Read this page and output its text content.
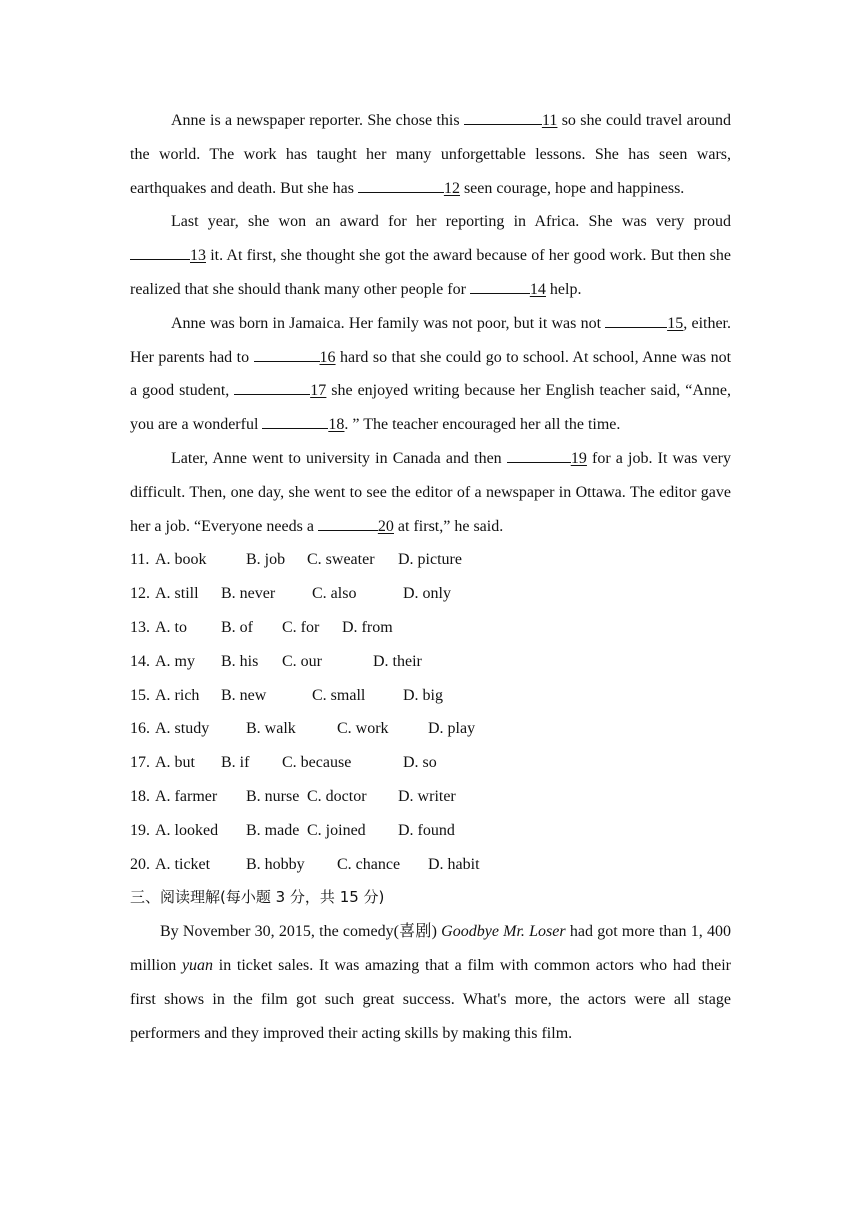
Anne is a newspaper reporter. She chose this	11 so she could travel around the world. The work has taught her many unforgettable lessons. She has seen wars, earthquakes and death. But she has	12 seen courage, hope and happiness.

Last year, she won an award for her reporting in Africa. She was very proud 13 it. At first, she thought she got the award because of her good work. But then she realized that she should thank many other people for	14 help.

Anne was born in Jamaica. Her family was not poor, but it was not	15, either. Her parents had to	16 hard so that she could go to school. At school, Anne was not a good student,	17 she enjoyed writing because her English teacher said, “Anne, you are a wonderful	18. ” The teacher encouraged her all the time.

Later, Anne went to university in Canada and then	19 for a job. It was very difficult. Then, one day, she went to see the editor of a newspaper in Ottawa. The editor gave her a job. “Everyone needs a	20 at first,” he said.

11. A. book	B. job	C. sweater	D. picture
12. A. still	B. never	C. also	D. only
13. A. to	B. of	C. for	D. from
14. A. my	B. his	C. our	D. their
15. A. rich	B. new	C. small	D. big
16. A. study	B. walk	C. work	D. play
17. A. but	B. if	C. because	D. so
18. A. farmer	B. nurse C. doctor	D. writer
19. A. looked	B. made C. joined	D. found
20. A. ticket	B. hobby	C. chance	D. habit
三、阅读理解(每小题 3 分，共 15 分)

By November 30, 2015, the comedy(喜剧) Goodbye Mr. Loser had got more than 1, 400 million yuan in ticket sales. It was amazing that a film with common actors who had their first shows in the film got such great success. What's more, the actors were all stage performers and they improved their acting skills by making this film.
